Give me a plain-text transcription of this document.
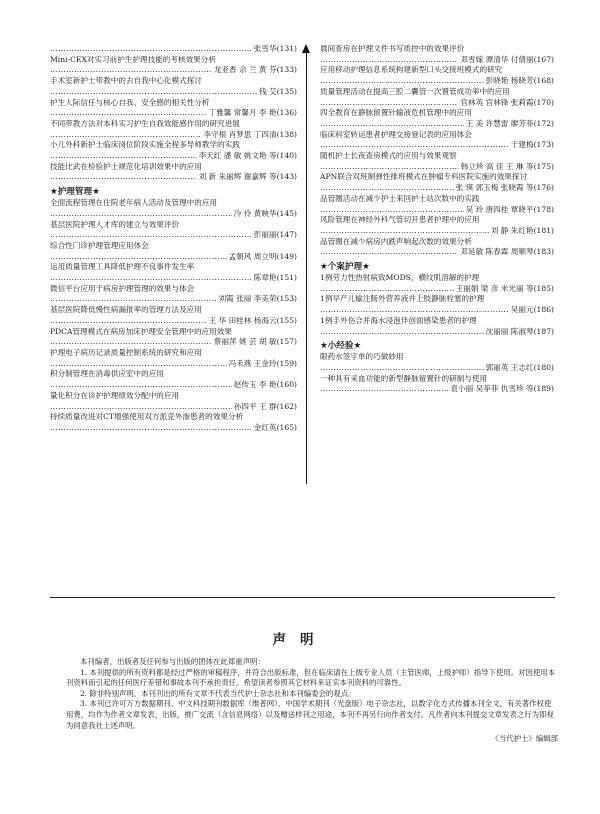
…………………………………………………………………………………………………………………………………………………………
张雪华(131)
Mini-CEX对实习前护生护理技能的考核效果分析
…………………………………………………………………………………………………………………………………………………………
龙亚香 佘 兰 黄 芬(133)
手术室新护士带教中的去自我中心化模式探讨
…………………………………………………………………………………………………………………………………………………………
钱 艾(135)
护生人际信任与核心自我、安全感的相关性分析
…………………………………………………………………………………………………………………………………………………………
丁雅馨 常馨月 李 艳(136)
不同带教方法对本科实习护生自我效能感作用的研究进展
…………………………………………………………………………………………………………………………………………………………
李守根 肖梦思 丁四清(138)
小儿外科新护士临床岗位阶段实施全程多导师教学的实践
…………………………………………………………………………………………………………………………………………………………
李天红 潘 敏 姚文艳 等(140)
技能比武在检验护士规范化培训效果中的应用
…………………………………………………………………………………………………………………………………………………………
刘 新 朱丽辉 谢嘉辉 等(143)
★护理管理★
全面流程管理在住院老年病人活动及管理中的应用
…………………………………………………………………………………………………………………………………………………………
冷 伶 黄映华(145)
基层医院护理人才库的建立与效果评价
…………………………………………………………………………………………………………………………………………………………
彭丽丽(147)
综合性门诊护理管理应用体会
…………………………………………………………………………………………………………………………………………………………
孟朝风 周立明(149)
运用质量管理工具降低护理不良事件发生率
…………………………………………………………………………………………………………………………………………………………
陈章艳(151)
微信平台应用于病房护理管理的效果与体会
…………………………………………………………………………………………………………………………………………………………
刘霞 张丽 李美荣(153)
基层医院降低慢性病漏报率的管理方法及应用
…………………………………………………………………………………………………………………………………………………………
王 华 田桂林 杨海云(155)
PDCA管理模式在病房加床护理安全管理中的应用效果
…………………………………………………………………………………………………………………………………………………………
蔡丽萍 姚 芸 胡 敏(157)
护理电子病历记录质量控制系统的研究和应用
…………………………………………………………………………………………………………………………………………………………
冯禾燕 王金玲(159)
积分制管理在消毒供应室中的应用
…………………………………………………………………………………………………………………………………………………………
赵传玉 李 艳(160)
量化积分在诊护护理绩效分配中的应用
…………………………………………………………………………………………………………………………………………………………
孙四平 王 群(162)
持续质量改进对CT增强使用双方派克外渗患者的效果分析
…………………………………………………………………………………………………………………………………………………………
金红英(165)
晨间查房在护理文件书写质控中的效果评价
…………………………………………………………………………………………………………………………………………………………
邓雪嫁 谭清华 付倩丽(167)
应用移动护理信息系统构建新型口头交接班模式的研究
…………………………………………………………………………………………………………………………………………………………
彭晓艳 杨晓芳(168)
质量管理活动在提高三腔二囊管一次置管成功率中的应用
…………………………………………………………………………………………………………………………………………………………
官林英 官林锋 张莉霞(170)
四全教育在静脉留置针输液危机管理中的应用
…………………………………………………………………………………………………………………………………………………………
王 美 许慧雷 廖芳菲(172)
临床科室转运患者护理交接登记表的应用体会
…………………………………………………………………………………………………………………………………………………………
于建梅(173)
随机护士长夜查房模式的应用与效果观察
…………………………………………………………………………………………………………………………………………………………
韩立珍 高 佳 王 琳 等(175)
APN联合双班制弹性排班模式在肿瘤专科医院实施的效果探讨
…………………………………………………………………………………………………………………………………………………………
张 瑛 郭玉梅 张晓霞 等(176)
品管圈活动在减少护士来回护士站次数中的实践
…………………………………………………………………………………………………………………………………………………………
吴 玲 唐四桂 覃晓平(178)
风险管理在神经外科气管切开患者护理中的应用
…………………………………………………………………………………………………………………………………………………………
刘 静 朱红艳(181)
品管圈在减少病房内跌声响起次数的效果分析
…………………………………………………………………………………………………………………………………………………………
邓延敏 陈春霖 周顺琴(183)
★个案护理★
1例劳力性热射病致MODS、横纹肌溶解的护理
…………………………………………………………………………………………………………………………………………………………
王丽娟 梁 彦 米光丽 等(185)
1例早产儿输注肠外营养液并上肢静脉栓塞的护理
…………………………………………………………………………………………………………………………………………………………
吴丽元(186)
1例手外伤合并海水浸泡伴创面感染患者的护理
…………………………………………………………………………………………………………………………………………………………
沈丽丽 陈淑琴(187)
★小经验★
眼药水签字单的巧做妙用
…………………………………………………………………………………………………………………………………………………………
郭丽英 王志红(180)
一种具有采血功能的新型静脉留置针的研制与使用
…………………………………………………………………………………………………………………………………………………………
袁小丽 吴菲菲 仇雪珍 等(189)
声明

本刊编者，出版者及任何参与出版的团体在此郑重声明：

1. 本刊提供的所有资料都是经过严格的审稿程序，并符合出版标准，但在临床请在上级专业人员（主管医师，上级护师）指导下使用。对因使用本刊资料而引起的任何医疗差错和事故本刊不承担责任。希望读者参照其它材料来证实本刊资料的可靠性。

2. 除非特别声明，本刊刊出的所有文章不代表当代护士杂志社和本刊编委会的观点。

3. 本刊已许可万方数据期刊、中文科技期刊数据库（维普网）、中国学术期刊（光盘版）电子杂志社，以数字化方式传播本刊全文。有关著作权使用费，均作为作者文章发表，出版，推广交流（含信息网络）以及赠送样刊之用途，本刊不再另行向作者支付。凡作者向本刊提交文章发表之行为即视为同意我社上述声明。

《当代护士》编辑部
